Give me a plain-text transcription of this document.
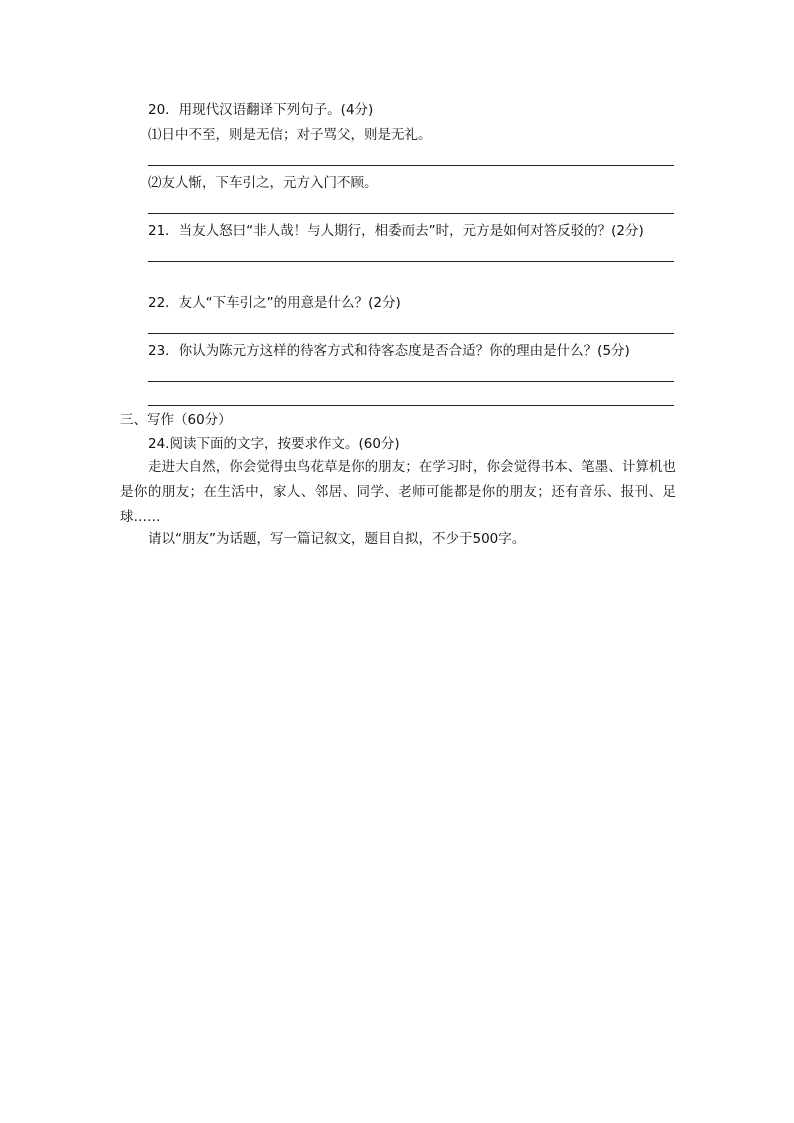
20．用现代汉语翻译下列句子。(4分)

⑴日中不至，则是无信；对子骂父，则是无礼。

⑵友人惭，下车引之，元方入门不顾。

21．当友人怒曰“非人哉！与人期行，相委而去”时，元方是如何对答反驳的？(2分)

22．友人“下车引之”的用意是什么？(2分)

23．你认为陈元方这样的待客方式和待客态度是否合适？你的理由是什么？(5分)

三、写作（60分）

24.阅读下面的文字，按要求作文。(60分)

走进大自然，你会觉得虫鸟花草是你的朋友；在学习时，你会觉得书本、笔墨、计算机也是你的朋友；在生活中，家人、邻居、同学、老师可能都是你的朋友；还有音乐、报刊、足球……

请以“朋友”为话题，写一篇记叙文，题目自拟，不少于500字。
